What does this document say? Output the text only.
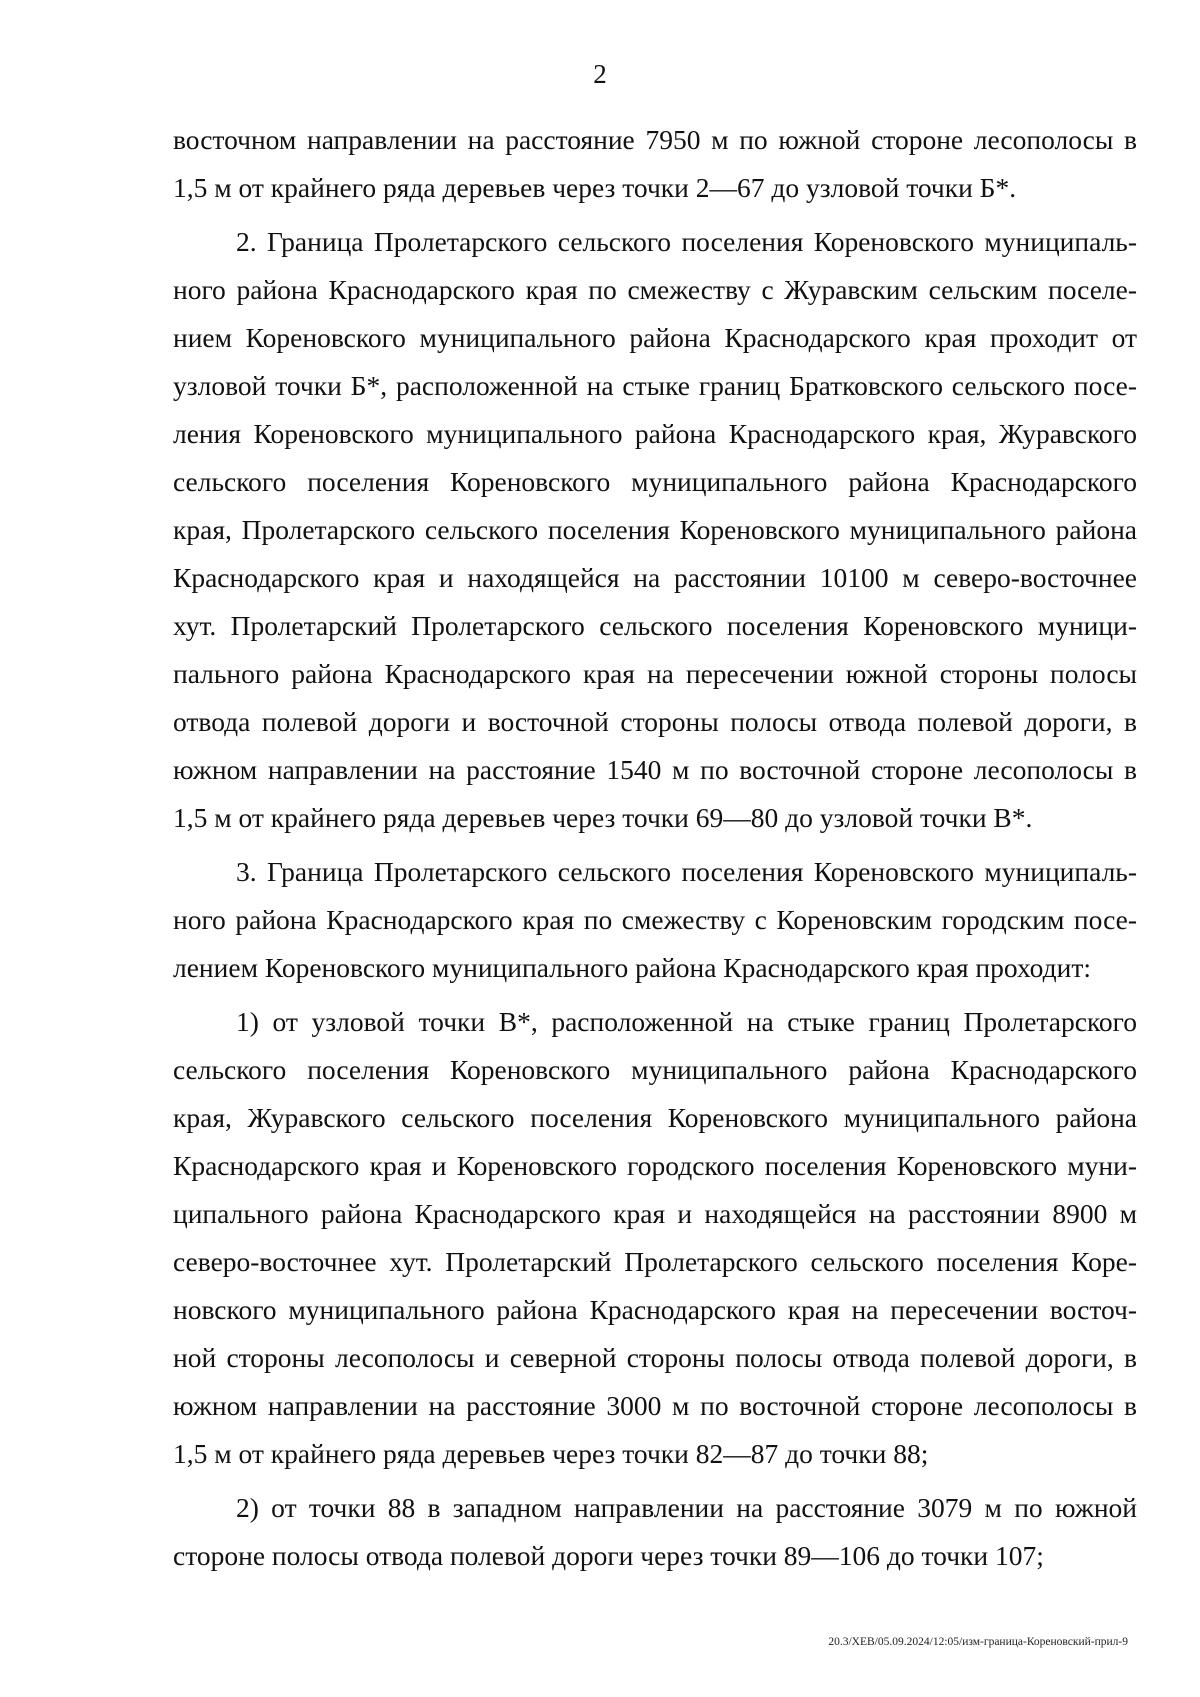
2
восточном направлении на расстояние 7950 м по южной стороне лесополосы в
1,5 м от крайнего ряда деревьев через точки 2—67 до узловой точки Б*.
2. Граница Пролетарского сельского поселения Кореновского муниципаль-
ного района Краснодарского края по смежеству с Журавским сельским поселе-
нием Кореновского муниципального района Краснодарского края проходит от
узловой точки Б*, расположенной на стыке границ Братковского сельского посе-
ления Кореновского муниципального района Краснодарского края, Журавского
сельского поселения Кореновского муниципального района Краснодарского
края, Пролетарского сельского поселения Кореновского муниципального района
Краснодарского края и находящейся на расстоянии 10100 м северо-восточнее
хут. Пролетарский Пролетарского сельского поселения Кореновского муници-
пального района Краснодарского края на пересечении южной стороны полосы
отвода полевой дороги и восточной стороны полосы отвода полевой дороги, в
южном направлении на расстояние 1540 м по восточной стороне лесополосы в
1,5 м от крайнего ряда деревьев через точки 69—80 до узловой точки В*.
3. Граница Пролетарского сельского поселения Кореновского муниципаль-
ного района Краснодарского края по смежеству с Кореновским городским посе-
лением Кореновского муниципального района Краснодарского края проходит:
1) от узловой точки В*, расположенной на стыке границ Пролетарского
сельского поселения Кореновского муниципального района Краснодарского
края, Журавского сельского поселения Кореновского муниципального района
Краснодарского края и Кореновского городского поселения Кореновского муни-
ципального района Краснодарского края и находящейся на расстоянии 8900 м
северо-восточнее хут. Пролетарский Пролетарского сельского поселения Коре-
новского муниципального района Краснодарского края на пересечении восточ-
ной стороны лесополосы и северной стороны полосы отвода полевой дороги, в
южном направлении на расстояние 3000 м по восточной стороне лесополосы в
1,5 м от крайнего ряда деревьев через точки 82—87 до точки 88;
2) от точки 88 в западном направлении на расстояние 3079 м по южной
стороне полосы отвода полевой дороги через точки 89—106 до точки 107;
20.3/ХЕВ/05.09.2024/12:05/изм-граница-Кореновский-прил-9
